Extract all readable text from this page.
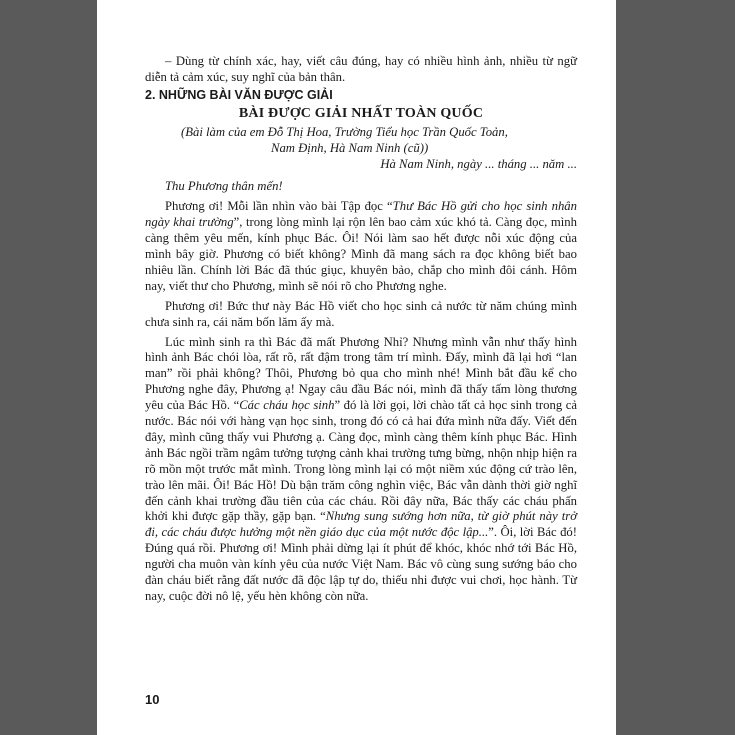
– Dùng từ chính xác, hay, viết câu đúng, hay có nhiều hình ảnh, nhiều từ ngữ diễn tả cảm xúc, suy nghĩ của bản thân.

2. NHỮNG BÀI VĂN ĐƯỢC GIẢI

BÀI ĐƯỢC GIẢI NHẤT TOÀN QUỐC

(Bài làm của em Đỗ Thị Hoa, Trường Tiểu học Trần Quốc Toản,

Nam Định, Hà Nam Ninh (cũ))

Hà Nam Ninh, ngày ... tháng ... năm ...

Thu Phương thân mến!

Phương ơi! Mỗi lần nhìn vào bài Tập đọc “Thư Bác Hồ gửi cho học sinh nhân ngày khai trường”, trong lòng mình lại rộn lên bao cảm xúc khó tả. Càng đọc, mình càng thêm yêu mến, kính phục Bác. Ôi! Nói làm sao hết được nỗi xúc động của mình bây giờ. Phương có biết không? Mình đã mang sách ra đọc không biết bao nhiêu lần. Chính lời Bác đã thúc giục, khuyên bảo, chắp cho mình đôi cánh. Hôm nay, viết thư cho Phương, mình sẽ nói rõ cho Phương nghe.

Phương ơi! Bức thư này Bác Hồ viết cho học sinh cả nước từ năm chúng mình chưa sinh ra, cái năm bốn lăm ấy mà.

Lúc mình sinh ra thì Bác đã mất Phương Nhỉ? Nhưng mình vẫn như thấy hình hình ảnh Bác chói lòa, rất rõ, rất đậm trong tâm trí mình. Đấy, mình đã lại hơi “lan man” rồi phải không? Thôi, Phương bỏ qua cho mình nhé! Mình bắt đầu kể cho Phương nghe đây, Phương ạ! Ngay câu đầu Bác nói, mình đã thấy tấm lòng thương yêu của Bác Hồ. “Các cháu học sinh” đó là lời gọi, lời chào tất cả học sinh trong cả nước. Bác nói với hàng vạn học sinh, trong đó có cả hai đứa mình nữa đấy. Viết đến đây, mình cũng thấy vui Phương ạ. Càng đọc, mình càng thêm kính phục Bác. Hình ảnh Bác ngồi trầm ngâm tưởng tượng cảnh khai trường tưng bừng, nhộn nhịp hiện ra rõ mồn một trước mắt mình. Trong lòng mình lại có một niềm xúc động cứ trào lên, trào lên mãi. Ôi! Bác Hồ! Dù bận trăm công nghìn việc, Bác vẫn dành thời giờ nghĩ đến cảnh khai trường đầu tiên của các cháu. Rồi đây nữa, Bác thấy các cháu phấn khởi khi được gặp thầy, gặp bạn. “Nhưng sung sướng hơn nữa, từ giờ phút này trở đi, các cháu được hưởng một nền giáo dục của một nước độc lập...”. Ôi, lời Bác đó! Đúng quá rồi. Phương ơi! Mình phải dừng lại ít phút để khóc, khóc nhớ tới Bác Hồ, người cha muôn vàn kính yêu của nước Việt Nam. Bác vô cùng sung sướng báo cho đàn cháu biết rằng đất nước đã độc lập tự do, thiếu nhi được vui chơi, học hành. Từ nay, cuộc đời nô lệ, yếu hèn không còn nữa.

10
